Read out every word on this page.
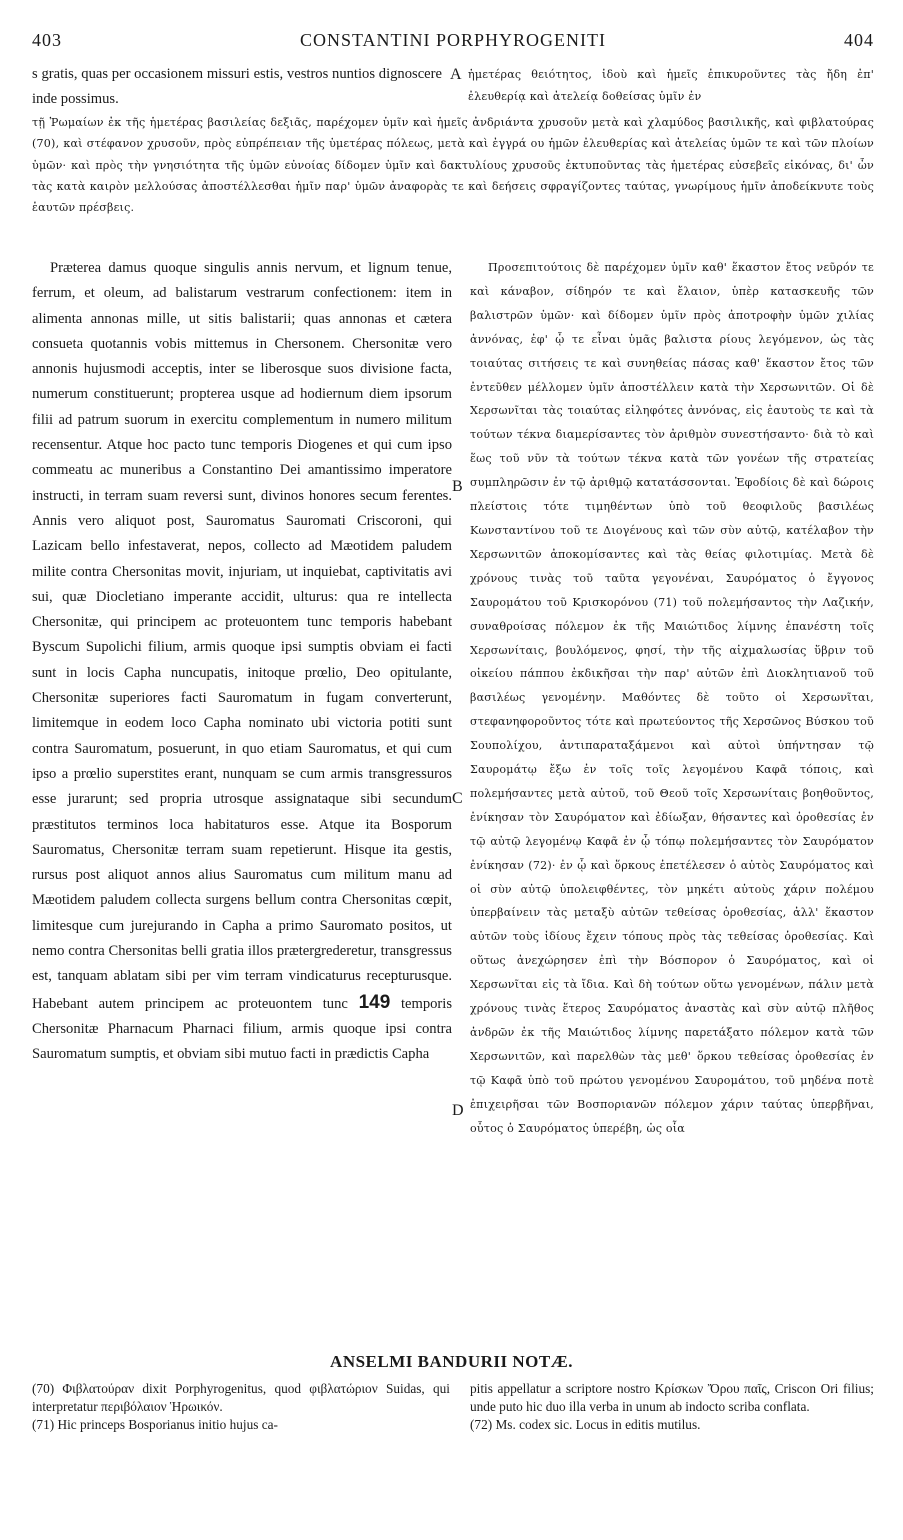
403	CONSTANTINI PORPHYROGENITI	404

s gratis, quas per occasionem missuri estis, vestros nuntios dignoscere inde possimus.

A ἡμετέρας θειότητος, ἰδοὺ καὶ ἡμεῖς ἐπικυροῦντες τὰς ἤδη ἐπ' ἐλευθερίᾳ καὶ ἀτελείᾳ δοθείσας ὑμῖν ἐν

τῇ Ῥωμαίων ἐκ τῆς ἡμετέρας βασιλείας δεξιᾶς, παρέχομεν ὑμῖν καὶ ἡμεῖς ἀνδριάντα χρυσοῦν μετὰ καὶ χλαμύδος βασιλικῆς, καὶ φιβλατούρας (70), καὶ στέφανον χρυσοῦν, πρὸς εὐπρέπειαν τῆς ὑμετέρας πόλεως, μετὰ καὶ ἐγγρά ου ἡμῶν ἐλευθερίας καὶ ἀτελείας ὑμῶν τε καὶ τῶν πλοίων ὑμῶν· καὶ πρὸς τὴν γνησιότητα τῆς ὑμῶν εὐνοίας δίδομεν ὑμῖν καὶ δακτυλίους χρυσοῦς ἐκτυποῦντας τὰς ἡμετέρας εὐσεβεῖς εἰκόνας, δι' ὧν τὰς κατὰ καιρὸν μελλούσας ἀποστέλλεσθαι ἡμῖν παρ' ὑμῶν ἀναφορὰς τε καὶ δεήσεις σφραγίζοντες ταύτας, γνωρίμους ἡμῖν ἀποδείκνυτε τοὺς ἑαυτῶν πρέσβεις.

Præterea damus quoque singulis annis nervum, et lignum tenue, ferrum, et oleum, ad balistarum vestrarum confectionem: item in alimenta annonas mille, ut sitis balistarii; quas annonas et cætera consueta quotannis vobis mittemus in Chersonem. Chersonitæ vero annonis hujusmodi acceptis, inter se liberosque suos divisione facta, numerum constituerunt; propterea usque ad hodiernum diem ipsorum filii ad patrum suorum in exercitu complementum in numero militum recensentur. Atque hoc pacto tunc temporis Diogenes et qui cum ipso commeatu ac muneribus a Constantino Dei amantissimo imperatore instructi, in terram suam reversi sunt, divinos honores secum ferentes. Annis vero aliquot post, Sauromatus Sauromati Criscoroni, qui Lazicam bello infestaverat, nepos, collecto ad Mæotidem paludem milite contra Chersonitas movit, injuriam, ut inquiebat, captivitatis avi sui, quæ Diocletiano imperante accidit, ulturus: qua re intellecta Chersonitæ, qui principem ac proteuontem tunc temporis habebant Byscum Supolichi filium, armis quoque ipsi sumptis obviam ei facti sunt in locis Capha nuncupatis, initoque prœlio, Deo opitulante, Chersonitæ superiores facti Sauromatum in fugam converterunt, limitemque in eodem loco Capha nominato ubi victoria potiti sunt contra Sauromatum, posuerunt, in quo etiam Sauromatus, et qui cum ipso a prœlio superstites erant, nunquam se cum armis transgressuros esse jurarunt; sed propria utrosque assignataque sibi secundum præstitutos terminos loca habitaturos esse. Atque ita Bosporum Sauromatus, Chersonitæ terram suam repetierunt. Hisque ita gestis, rursus post aliquot annos alius Sauromatus cum militum manu ad Mæotidem paludem collecta surgens bellum contra Chersonitas cœpit, limitesque cum jurejurando in Capha a primo Sauromato positos, ut nemo contra Chersonitas belli gratia illos prætergrederetur, transgressus est, tanquam ablatam sibi per vim terram vindicaturus recepturusque. Habebant autem principem ac proteuontem tunc 149 temporis Chersonitæ Pharnacum Pharnaci filium, armis quoque ipsi contra Sauromatum sumptis, et obviam sibi mutuo facti in prædictis Capha

B
C
D

Προσεπιτούτοις δὲ παρέχομεν ὑμῖν καθ' ἕκαστον ἔτος νεῦρόν τε καὶ κάναβον, σίδηρόν τε καὶ ἔλαιον, ὑπὲρ κατασκευῆς τῶν βαλιστρῶν ὑμῶν· καὶ δίδομεν ὑμῖν πρὸς ἀποτροφὴν ὑμῶν χιλίας ἀννόνας, ἐφ' ᾧ τε εἶναι ὑμᾶς βαλιστα ρίους λεγόμενον, ὡς τὰς τοιαύτας σιτήσεις τε καὶ συνηθείας πάσας καθ' ἕκαστον ἔτος τῶν ἐντεῦθεν μέλλομεν ὑμῖν ἀποστέλλειν κατὰ τὴν Χερσωνιτῶν. Οἱ δὲ Χερσωνῖται τὰς τοιαύτας εἰληφότες ἀννόνας, εἰς ἑαυτοὺς τε καὶ τὰ τούτων τέκνα διαμερίσαντες τὸν ἀριθμὸν συνεστήσαντο· διὰ τὸ καὶ ἕως τοῦ νῦν τὰ τούτων τέκνα κατὰ τῶν γονέων τῆς στρατείας συμπληρῶσιν ἐν τῷ ἀριθμῷ κατατάσσονται. Ἐφοδίοις δὲ καὶ δώροις πλείστοις τότε τιμηθέντων ὑπὸ τοῦ θεοφιλοῦς βασιλέως Κωνσταντίνου τοῦ τε Διογένους καὶ τῶν σὺν αὐτῷ, κατέλαβον τὴν Χερσωνιτῶν ἀποκομίσαντες καὶ τὰς θείας φιλοτιμίας. Μετὰ δὲ χρόνους τινὰς τοῦ ταῦτα γεγονέναι, Σαυρόματος ὁ ἔγγονος Σαυρομάτου τοῦ Κρισκορόνου (71) τοῦ πολεμήσαντος τὴν Λαζικήν, συναθροίσας πόλεμον ἐκ τῆς Μαιώτιδος λίμνης ἐπανέστη τοῖς Χερσωνίταις, βουλόμενος, φησί, τὴν τῆς αἰχμαλωσίας ὕβριν τοῦ οἰκείου πάππου ἐκδικῆσαι τὴν παρ' αὐτῶν ἐπὶ Διοκλητιανοῦ τοῦ βασιλέως γενομένην. Μαθόντες δὲ τοῦτο οἱ Χερσωνῖται, στεφανηφοροῦντος τότε καὶ πρωτεύοντος τῆς Χερσῶνος Βύσκου τοῦ Σουπολίχου, ἀντιπαραταξάμενοι καὶ αὐτοὶ ὑπήντησαν τῷ Σαυρομάτῳ ἔξω ἐν τοῖς τοῖς λεγομένου Καφᾶ τόποις, καὶ πολεμήσαντες μετὰ αὐτοῦ, τοῦ Θεοῦ τοῖς Χερσωνίταις βοηθοῦντος, ἐνίκησαν τὸν Σαυρόματον καὶ ἐδίωξαν, θήσαντες καὶ ὁροθεσίας ἐν τῷ αὐτῷ λεγομένῳ Καφᾶ ἐν ᾧ τόπῳ πολεμήσαντες τὸν Σαυρόματον ἐνίκησαν (72)· ἐν ᾧ καὶ ὅρκους ἐπετέλεσεν ὁ αὐτὸς Σαυρόματος καὶ οἱ σὺν αὐτῷ ὑπολειφθέντες, τὸν μηκέτι αὐτοὺς χάριν πολέμου ὑπερβαίνειν τὰς μεταξὺ αὐτῶν τεθείσας ὁροθεσίας, ἀλλ' ἕκαστον αὐτῶν τοὺς ἰδίους ἔχειν τόπους πρὸς τὰς τεθείσας ὁροθεσίας. Καὶ οὕτως ἀνεχώρησεν ἐπὶ τὴν Βόσπορον ὁ Σαυρόματος, καὶ οἱ Χερσωνῖται εἰς τὰ ἴδια. Καὶ δὴ τούτων οὕτω γενομένων, πάλιν μετὰ χρόνους τινὰς ἕτερος Σαυρόματος ἀναστὰς καὶ σὺν αὐτῷ πλῆθος ἀνδρῶν ἐκ τῆς Μαιώτιδος λίμνης παρετάξατο πόλεμον κατὰ τῶν Χερσωνιτῶν, καὶ παρελθὼν τὰς μεθ' ὅρκου τεθείσας ὁροθεσίας ἐν τῷ Καφᾶ ὑπὸ τοῦ πρώτου γενομένου Σαυρομάτου, τοῦ μηδένα ποτὲ ἐπιχειρῆσαι τῶν Βοσποριανῶν πόλεμον χάριν ταύτας ὑπερβῆναι, οὗτος ὁ Σαυρόματος ὑπερέβη, ὡς οἷα

ANSELMI BANDURII NOTÆ.

(70) Φιβλατούραν dixit Porphyrogenitus, quod φιβλατώριον Suidas, qui interpretatur περιβόλαιον Ἡρωικόν.

(71) Hic princeps Bosporianus initio hujus ca-

pitis appellatur a scriptore nostro Κρίσκων Ὄρου παῖς, Criscon Ori filius; unde puto hic duo illa verba in unum ab indocto scriba conflata.

(72) Ms. codex sic. Locus in editis mutilus.
